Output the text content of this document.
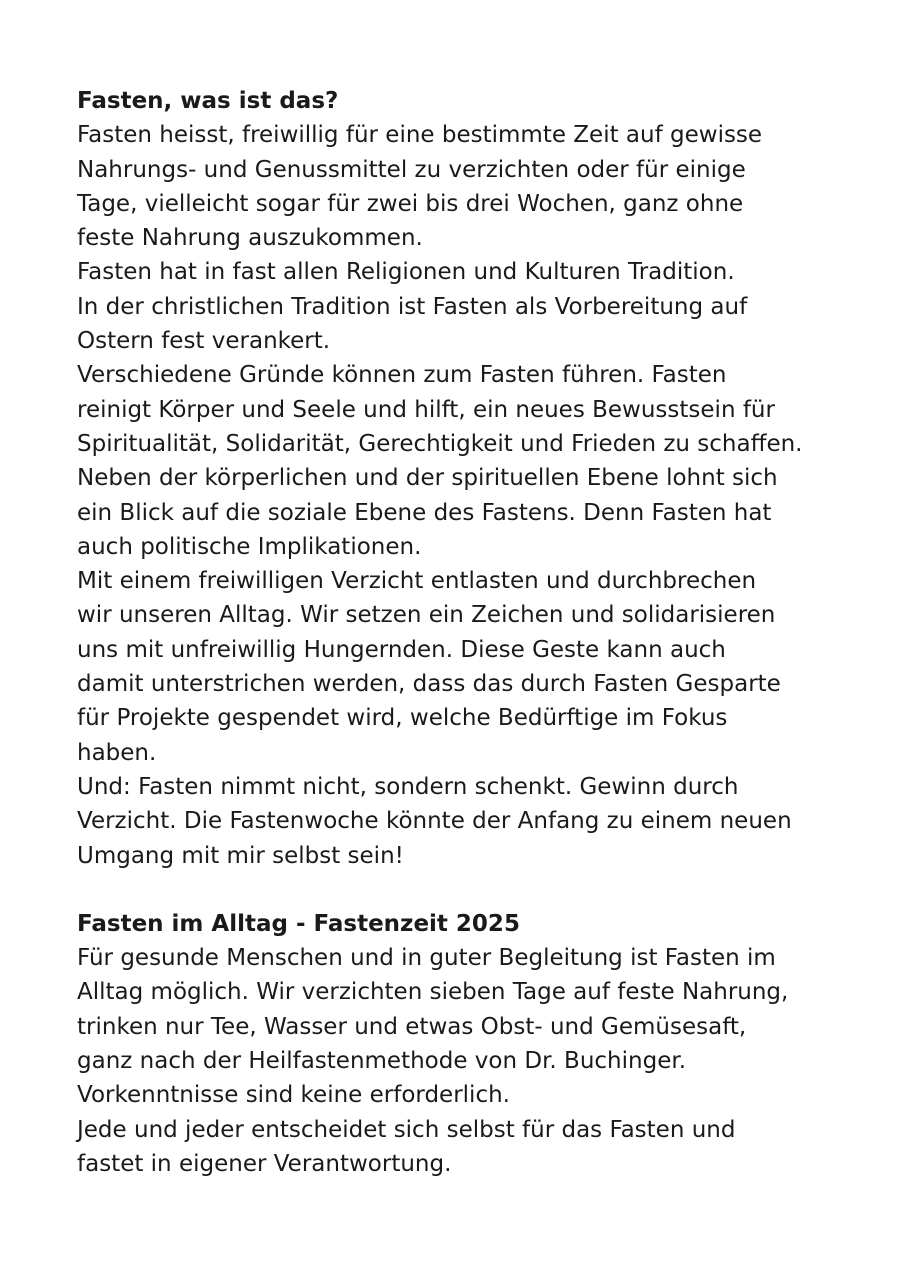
Fasten, was ist das?

Fasten heisst, freiwillig für eine bestimmte Zeit auf gewisse
Nahrungs- und Genussmittel zu verzichten oder für einige
Tage, vielleicht sogar für zwei bis drei Wochen, ganz ohne
feste Nahrung auszukommen.

Fasten hat in fast allen Religionen und Kulturen Tradition.

In der christlichen Tradition ist Fasten als Vorbereitung auf
Ostern fest verankert.

Verschiedene Gründe können zum Fasten führen. Fasten
reinigt Körper und Seele und hilft, ein neues Bewusstsein für
Spiritualität, Solidarität, Gerechtigkeit und Frieden zu schaffen.

Neben der körperlichen und der spirituellen Ebene lohnt sich
ein Blick auf die soziale Ebene des Fastens. Denn Fasten hat
auch politische Implikationen.

Mit einem freiwilligen Verzicht entlasten und durchbrechen
wir unseren Alltag. Wir setzen ein Zeichen und solidarisieren
uns mit unfreiwillig Hungernden. Diese Geste kann auch
damit unterstrichen werden, dass das durch Fasten Gesparte
für Projekte gespendet wird, welche Bedürftige im Fokus
haben.

Und: Fasten nimmt nicht, sondern schenkt. Gewinn durch
Verzicht. Die Fastenwoche könnte der Anfang zu einem neuen
Umgang mit mir selbst sein!

Fasten im Alltag - Fastenzeit 2025

Für gesunde Menschen und in guter Begleitung ist Fasten im
Alltag möglich. Wir verzichten sieben Tage auf feste Nahrung,
trinken nur Tee, Wasser und etwas Obst- und Gemüsesaft,
ganz nach der Heilfastenmethode von Dr. Buchinger.
Vorkenntnisse sind keine erforderlich.

Jede und jeder entscheidet sich selbst für das Fasten und
fastet in eigener Verantwortung.
